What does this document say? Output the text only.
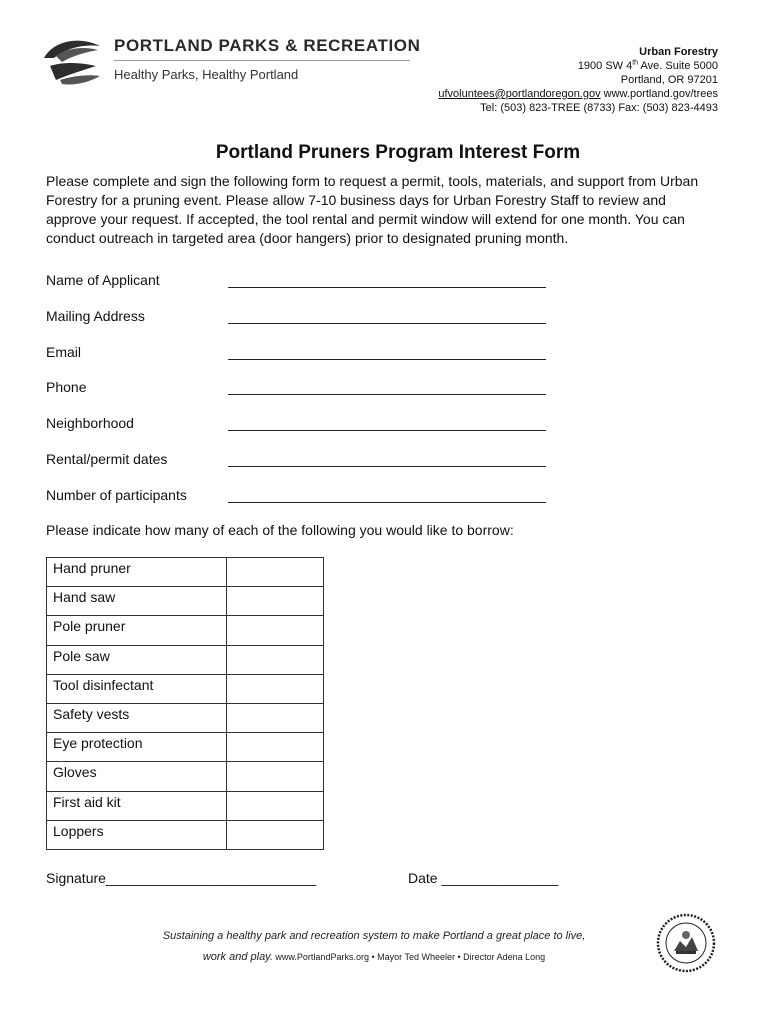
PORTLAND PARKS & RECREATION
Healthy Parks, Healthy Portland
Urban Forestry
1900 SW 4th Ave. Suite 5000
Portland, OR 97201
ufvoluntees@portlandoregon.gov www.portland.gov/trees
Tel: (503) 823-TREE (8733) Fax: (503) 823-4493
Portland Pruners Program Interest Form

Please complete and sign the following form to request a permit, tools, materials, and support from Urban Forestry for a pruning event. Please allow 7-10 business days for Urban Forestry Staff to review and approve your request. If accepted, the tool rental and permit window will extend for one month. You can conduct outreach in targeted area (door hangers) prior to designated pruning month.

Name of Applicant
Mailing Address
Email
Phone
Neighborhood
Rental/permit dates
Number of participants
Please indicate how many of each of the following you would like to borrow:
Hand pruner	
Hand saw	
Pole pruner	
Pole saw	
Tool disinfectant	
Safety vests	
Eye protection	
Gloves	
First aid kit	
Loppers	
Signature___________________________	Date _______________
Sustaining a healthy park and recreation system to make Portland a great place to live,
work and play. www.PortlandParks.org • Mayor Ted Wheeler • Director Adena Long
